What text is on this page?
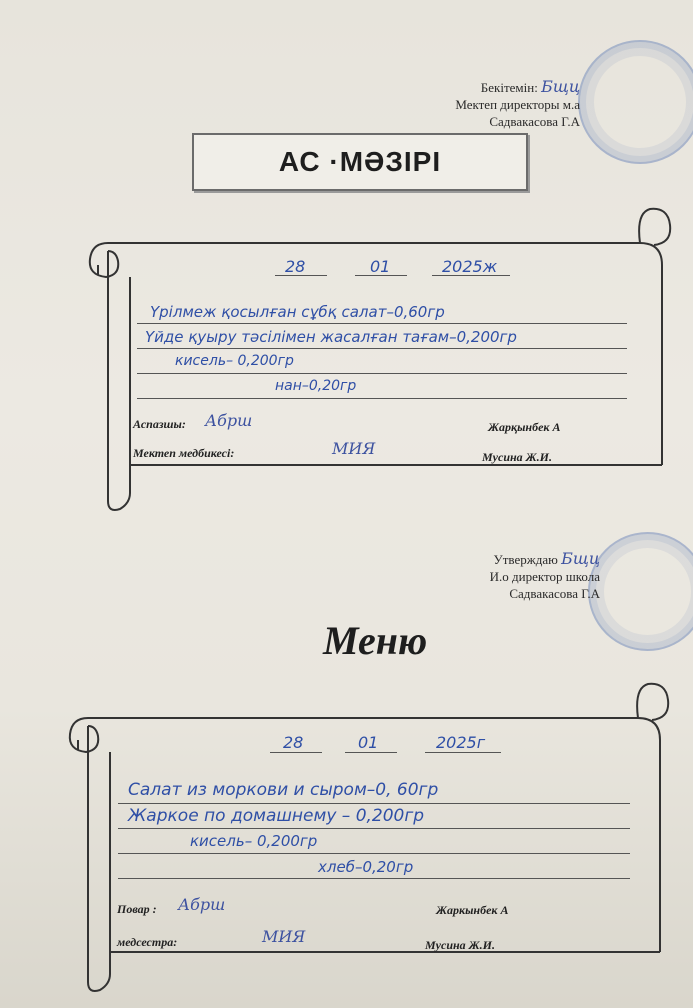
Бекітемін: Бщц
Мектеп директоры м.а
Садвакасова Г.А
АС ·МӘЗІРІ
28	01	2025ж
Үрілмеж қосылған сұбқ салат–0,60гр
Үйде қуыру тәсілімен жасалған тағам–0,200гр
кисель– 0,200гр
нан–0,20гр
Аспазшы: Абрш	Жарқынбек А
Мектеп медбикесі:	МИЯ	Мусина Ж.И.
Утверждаю Бщц
И.о директор школа
Садвакасова Г.А
Меню
28	01	2025г
Салат из моркови и сыром–0, 60гр
Жаркое по домашнему – 0,200гр
кисель– 0,200гр
хлеб–0,20гр
Повар : Абрш	Жаркынбек А
медсестра:	МИЯ	Мусина Ж.И.
